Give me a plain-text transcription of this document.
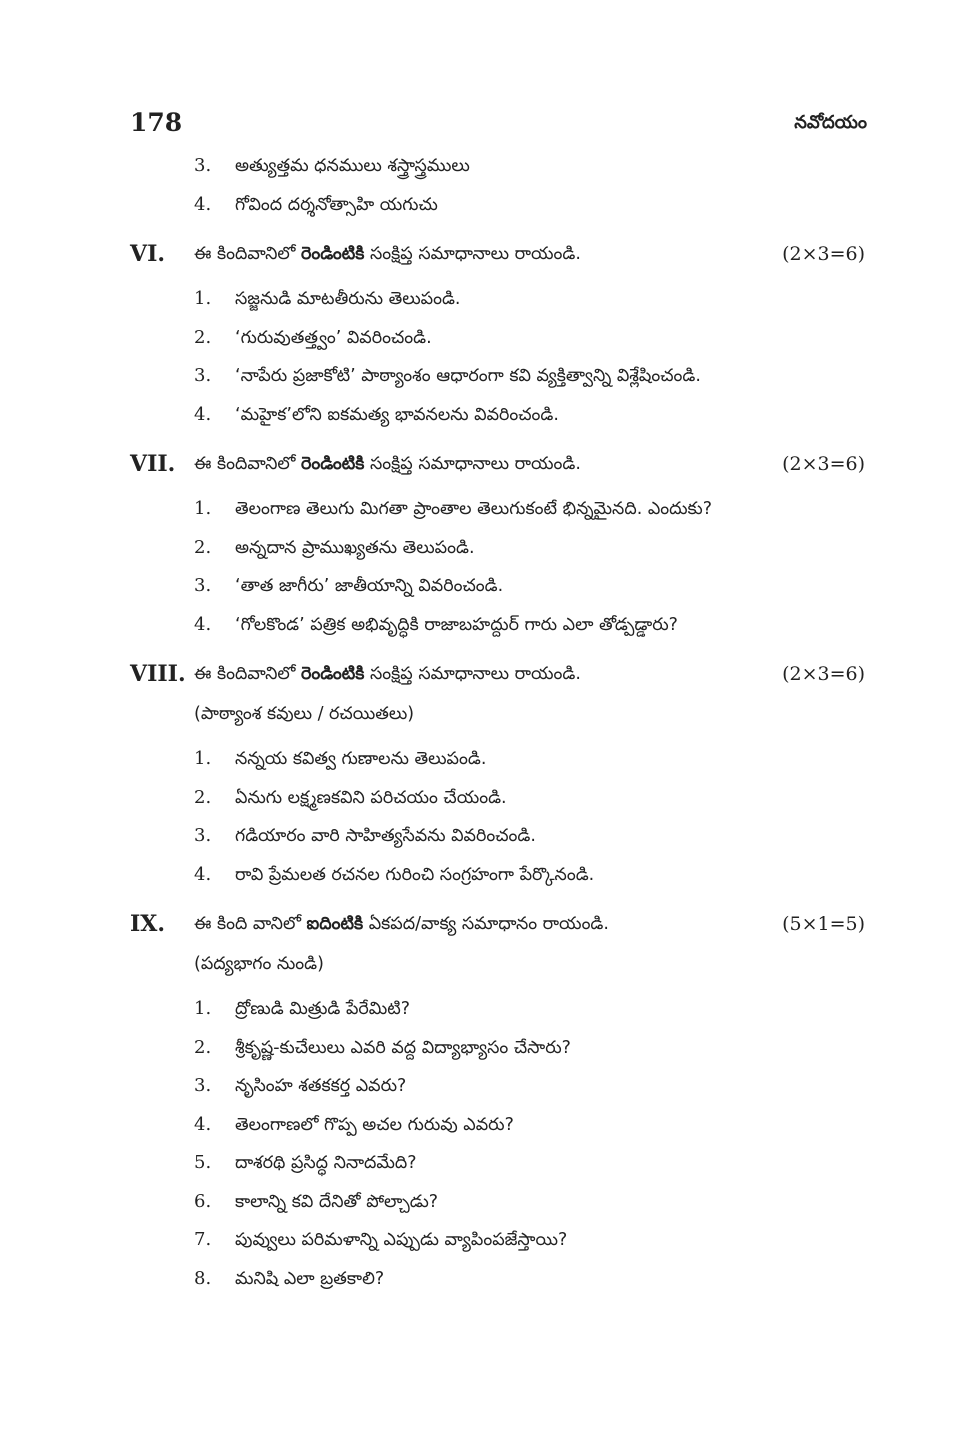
178	నవోదయం
3.	అత్యుత్తమ ధనములు శస్త్రాస్త్రములు
4.	గోవింద దర్శనోత్సాహి యగుచు
VI.	ఈ కిందివానిలో రెండింటికి సంక్షిప్త సమాధానాలు రాయండి.	(2×3=6)
1.	సజ్జనుడి మాటతీరును తెలుపండి.
2.	‘గురువుతత్త్వం’ వివరించండి.
3.	‘నాపేరు ప్రజాకోటి’ పాఠ్యాంశం ఆధారంగా కవి వ్యక్తిత్వాన్ని విశ్లేషించండి.
4.	‘మహైక’లోని ఐకమత్య భావనలను వివరించండి.
VII.	ఈ కిందివానిలో రెండింటికి సంక్షిప్త సమాధానాలు రాయండి.	(2×3=6)
1.	తెలంగాణ తెలుగు మిగతా ప్రాంతాల తెలుగుకంటే భిన్నమైనది. ఎందుకు?
2.	అన్నదాన ప్రాముఖ్యతను తెలుపండి.
3.	‘తాత జాగీరు’ జాతీయాన్ని వివరించండి.
4.	‘గోలకొండ’ పత్రిక అభివృద్ధికి రాజాబహద్దుర్ గారు ఎలా తోడ్పడ్డారు?
VIII. ఈ కిందివానిలో రెండింటికి సంక్షిప్త సమాధానాలు రాయండి.	(2×3=6)
(పాఠ్యాంశ కవులు / రచయితలు)
1.	నన్నయ కవిత్వ గుణాలను తెలుపండి.
2.	ఏనుగు లక్ష్మణకవిని పరిచయం చేయండి.
3.	గడియారం వారి సాహిత్యసేవను వివరించండి.
4.	రావి ప్రేమలత రచనల గురించి సంగ్రహంగా పేర్కొనండి.
IX.	ఈ కింది వానిలో ఐదింటికి ఏకపద/వాక్య సమాధానం రాయండి.	(5×1=5)
(పద్యభాగం నుండి)
1.	ద్రోణుడి మిత్రుడి పేరేమిటి?
2.	శ్రీకృష్ణ-కుచేలులు ఎవరి వద్ద విద్యాభ్యాసం చేసారు?
3.	నృసింహ శతకకర్త ఎవరు?
4.	తెలంగాణలో గొప్ప అచల గురువు ఎవరు?
5.	దాశరథి ప్రసిద్ధ నినాదమేది?
6.	కాలాన్ని కవి దేనితో పోల్చాడు?
7.	పువ్వులు పరిమళాన్ని ఎప్పుడు వ్యాపింపజేస్తాయి?
8.	మనిషి ఎలా బ్రతకాలి?
